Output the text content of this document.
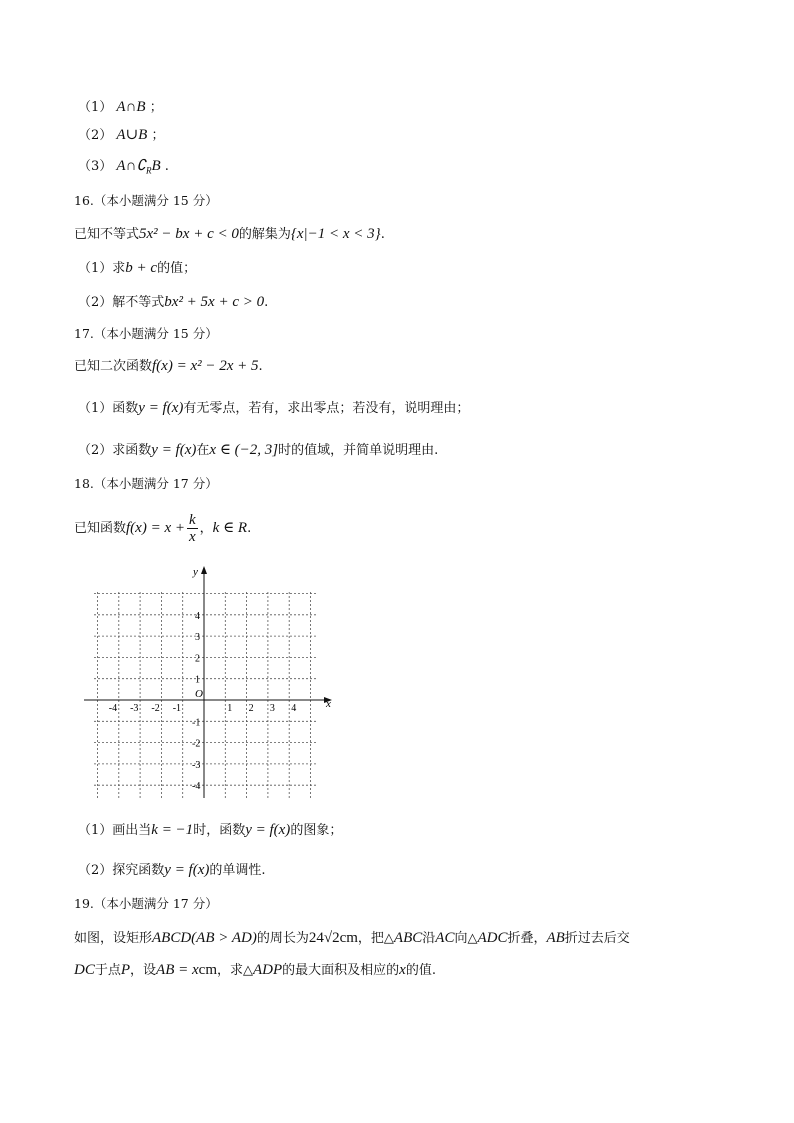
（1） A∩B ；
（2） A∪B ；
（3） $A\cap∁_RB$ .
16.（本小题满分 15 分）
已知不等式5x² − bx + c < 0的解集为{x|−1 < x < 3}.
（1）求b + c的值；
（2）解不等式bx² + 5x + c > 0.
17.（本小题满分 15 分）
已知二次函数f(x) = x² − 2x + 5.
（1）函数y = f(x)有无零点，若有，求出零点；若没有，说明理由；
（2）求函数y = f(x)在x ∈ (−2, 3]时的值域，并简单说明理由.
18.（本小题满分 17 分）
已知函数$f(x) = x + \frac{k}{x}$ ，k ∈ R.
x
y
O
-4 -3 -2 -1	1 2 3 4
4
3
2
1
-1
-2
-3
-4
（1）画出当k = −1时，函数y = f(x)的图象；
（2）探究函数y = f(x)的单调性.
19.（本小题满分 17 分）
如图，设矩形ABCD(AB > AD)的周长为24√2cm，把△ABC沿AC向△ADC折叠，AB折过去后交
DC于点P，设AB = xcm，求△ADP的最大面积及相应的x的值.
